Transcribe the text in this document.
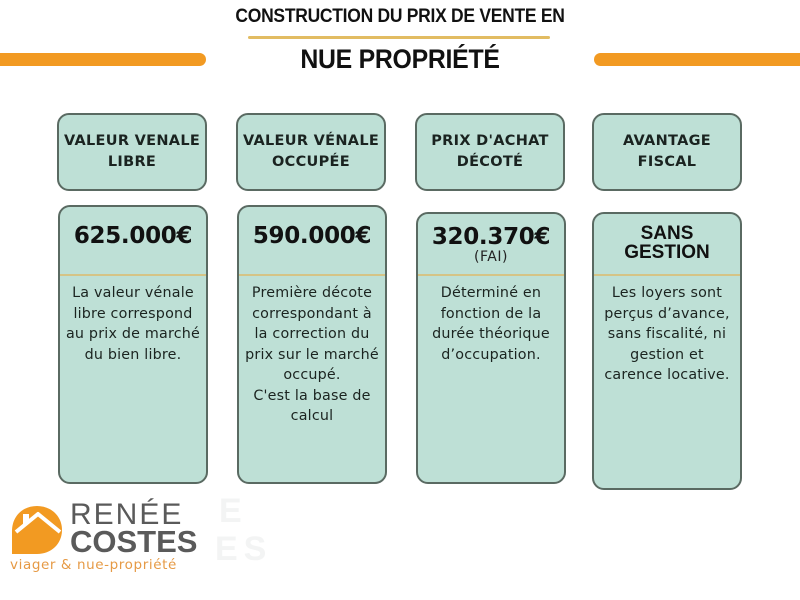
CONSTRUCTION DU PRIX DE VENTE EN
NUE PROPRIÉTÉ
VALEUR VENALE
LIBRE
VALEUR VÉNALE
OCCUPÉE
PRIX D'ACHAT
DÉCOTÉ
AVANTAGE
FISCAL
625.000€
La valeur vénale
libre correspond
au prix de marché
du bien libre.
590.000€
Première décote
correspondant à
la correction du
prix sur le marché
occupé.
C'est la base de
calcul
320.370€
(FAI)
Déterminé en
fonction de la
durée théorique
d’occupation.
SANS
GESTION
Les loyers sont
perçus d’avance,
sans fiscalité, ni
gestion et
carence locative.
E
ES
RENÉE
COSTES
viager & nue-propriété
